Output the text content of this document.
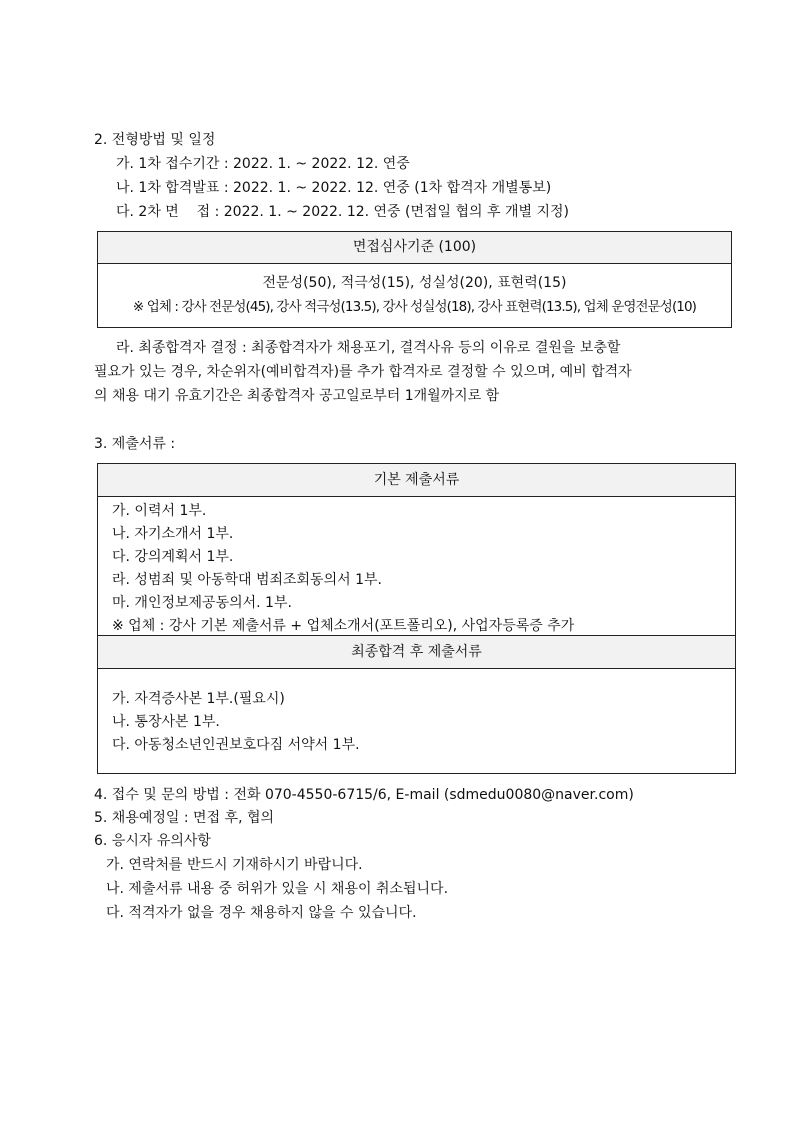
2. 전형방법 및 일정
가. 1차 접수기간 : 2022. 1. ~ 2022. 12. 연중
나. 1차 합격발표 : 2022. 1. ~ 2022. 12. 연중 (1차 합격자 개별통보)
다. 2차 면    접 : 2022. 1. ~ 2022. 12. 연중 (면접일 협의 후 개별 지정)
면접심사기준 (100)
전문성(50), 적극성(15), 성실성(20), 표현력(15)
※ 업체 : 강사 전문성(45), 강사 적극성(13.5), 강사 성실성(18), 강사 표현력(13.5), 업체 운영전문성(10)
라. 최종합격자 결정 : 최종합격자가 채용포기, 결격사유 등의 이유로 결원을 보충할
필요가 있는 경우, 차순위자(예비합격자)를 추가 합격자로 결정할 수 있으며, 예비 합격자
의 채용 대기 유효기간은 최종합격자 공고일로부터 1개월까지로 함
3. 제출서류 :
기본 제출서류
가. 이력서 1부.
나. 자기소개서 1부.
다. 강의계획서 1부.
라. 성범죄 및 아동학대 범죄조회동의서 1부.
마. 개인정보제공동의서. 1부.
※ 업체 : 강사 기본 제출서류 + 업체소개서(포트폴리오), 사업자등록증 추가
최종합격 후 제출서류
가. 자격증사본 1부.(필요시)
나. 통장사본 1부.
다. 아동청소년인권보호다짐 서약서 1부.
4. 접수 및 문의 방법 : 전화 070-4550-6715/6, E-mail (sdmedu0080@naver.com)
5. 채용예정일 : 면접 후, 협의
6. 응시자 유의사항
가. 연락처를 반드시 기재하시기 바랍니다.
나. 제출서류 내용 중 허위가 있을 시 채용이 취소됩니다.
다. 적격자가 없을 경우 채용하지 않을 수 있습니다.
